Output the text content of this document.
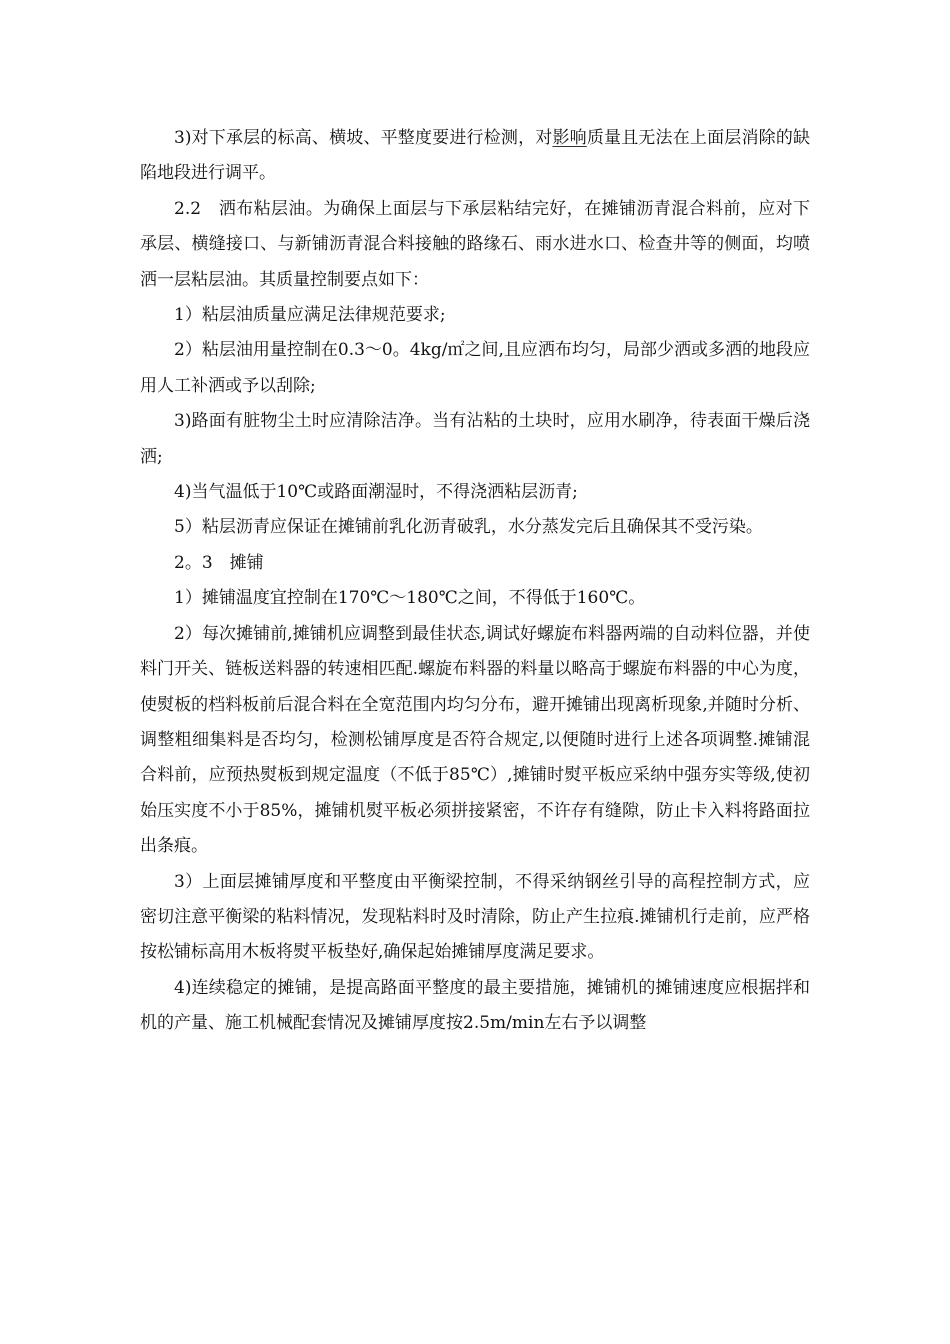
3)对下承层的标高、横坡、平整度要进行检测，对影响质量且无法在上面层消除的缺陷地段进行调平。

2.2　洒布粘层油。为确保上面层与下承层粘结完好，在摊铺沥青混合料前，应对下承层、横缝接口、与新铺沥青混合料接触的路缘石、雨水进水口、检查井等的侧面，均喷洒一层粘层油。其质量控制要点如下：

1）粘层油质量应满足法律规范要求;

2）粘层油用量控制在0.3～0。4kg/㎡之间,且应洒布均匀，局部少洒或多洒的地段应用人工补洒或予以刮除;

3)路面有脏物尘土时应清除洁净。当有沾粘的土块时，应用水刷净，待表面干燥后浇洒;

4)当气温低于10℃或路面潮湿时，不得浇洒粘层沥青;

5）粘层沥青应保证在摊铺前乳化沥青破乳，水分蒸发完后且确保其不受污染。

2。3　摊铺

1）摊铺温度宜控制在170℃～180℃之间，不得低于160℃。

2）每次摊铺前,摊铺机应调整到最佳状态,调试好螺旋布料器两端的自动料位器，并使料门开关、链板送料器的转速相匹配.螺旋布料器的料量以略高于螺旋布料器的中心为度，使熨板的档料板前后混合料在全宽范围内均匀分布，避开摊铺出现离析现象,并随时分析、调整粗细集料是否均匀，检测松铺厚度是否符合规定,以便随时进行上述各项调整.摊铺混合料前，应预热熨板到规定温度（不低于85℃）,摊铺时熨平板应采纳中强夯实等级,使初始压实度不小于85%，摊铺机熨平板必须拼接紧密，不许存有缝隙，防止卡入料将路面拉出条痕。

3）上面层摊铺厚度和平整度由平衡梁控制，不得采纳钢丝引导的高程控制方式，应密切注意平衡梁的粘料情况，发现粘料时及时清除，防止产生拉痕.摊铺机行走前，应严格按松铺标高用木板将熨平板垫好,确保起始摊铺厚度满足要求。

4)连续稳定的摊铺，是提高路面平整度的最主要措施，摊铺机的摊铺速度应根据拌和机的产量、施工机械配套情况及摊铺厚度按2.5m/min左右予以调整
